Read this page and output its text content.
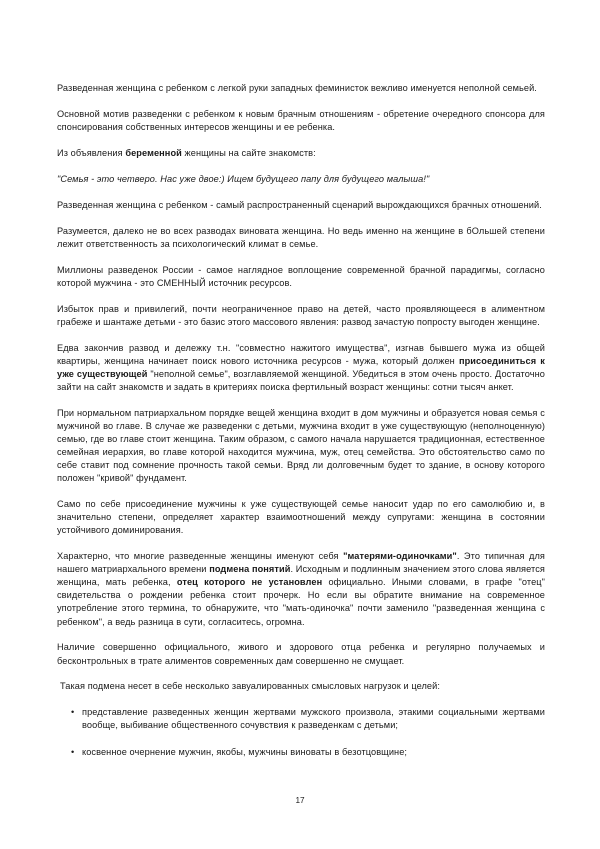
Разведенная женщина с ребенком с легкой руки западных феминисток вежливо именуется неполной семьей.

Основной мотив разведенки с ребенком к новым брачным отношениям - обретение очередного спонсора для спонсирования собственных интересов женщины и ее ребенка.

Из объявления беременной женщины на сайте знакомств:

"Семья - это четверо. Нас уже двое:) Ищем будущего папу для будущего малыша!"

Разведенная женщина с ребенком - самый распространенный сценарий вырождающихся брачных отношений.

Разумеется, далеко не во всех разводах виновата женщина. Но ведь именно на женщине в бОльшей степени лежит ответственность за психологический климат в семье.

Миллионы разведенок России - самое наглядное воплощение современной брачной парадигмы, согласно которой мужчина - это СМЕННЫЙ источник ресурсов.

Избыток прав и привилегий, почти неограниченное право на детей, часто проявляющееся в алиментном грабеже и шантаже детьми - это базис этого массового явления: развод зачастую попросту выгоден женщине.

Едва закончив развод и дележку т.н. "совместно нажитого имущества", изгнав бывшего мужа из общей квартиры, женщина начинает поиск нового источника ресурсов - мужа, который должен присоединиться к уже существующей "неполной семье", возглавляемой женщиной. Убедиться в этом очень просто. Достаточно зайти на сайт знакомств и задать в критериях поиска фертильный возраст женщины: сотни тысяч анкет.

При нормальном патриархальном порядке вещей женщина входит в дом мужчины и образуется новая семья с мужчиной во главе. В случае же разведенки с детьми, мужчина входит в уже существующую (неполноценную) семью, где во главе стоит женщина. Таким образом, с самого начала нарушается традиционная, естественное семейная иерархия, во главе которой находится мужчина, муж, отец семейства. Это обстоятельство само по себе ставит под сомнение прочность такой семьи. Вряд ли долговечным будет то здание, в основу которого положен "кривой" фундамент.

Само по себе присоединение мужчины к уже существующей семье наносит удар по его самолюбию и, в значительно степени, определяет характер взаимоотношений между супругами: женщина в состоянии устойчивого доминирования.

Характерно, что многие разведенные женщины именуют себя "матерями-одиночками". Это типичная для нашего матриархального времени подмена понятий. Исходным и подлинным значением этого слова является женщина, мать ребенка, отец которого не установлен официально. Иными словами, в графе "отец" свидетельства о рождении ребенка стоит прочерк. Но если вы обратите внимание на современное употребление этого термина, то обнаружите, что "мать-одиночка" почти заменило "разведенная женщина с ребенком", а ведь разница в сути, согласитесь, огромна.

Наличие совершенно официального, живого и здорового отца ребенка и регулярно получаемых и бесконтрольных в трате алиментов современных дам совершенно не смущает.

Такая подмена несет в себе несколько завуалированных смысловых нагрузок и целей:

• представление разведенных женщин жертвами мужского произвола, этакими социальными жертвами вообще, выбивание общественного сочувствия к разведенкам с детьми;
• косвенное очернение мужчин, якобы, мужчины виноваты в безотцовщине;
17
